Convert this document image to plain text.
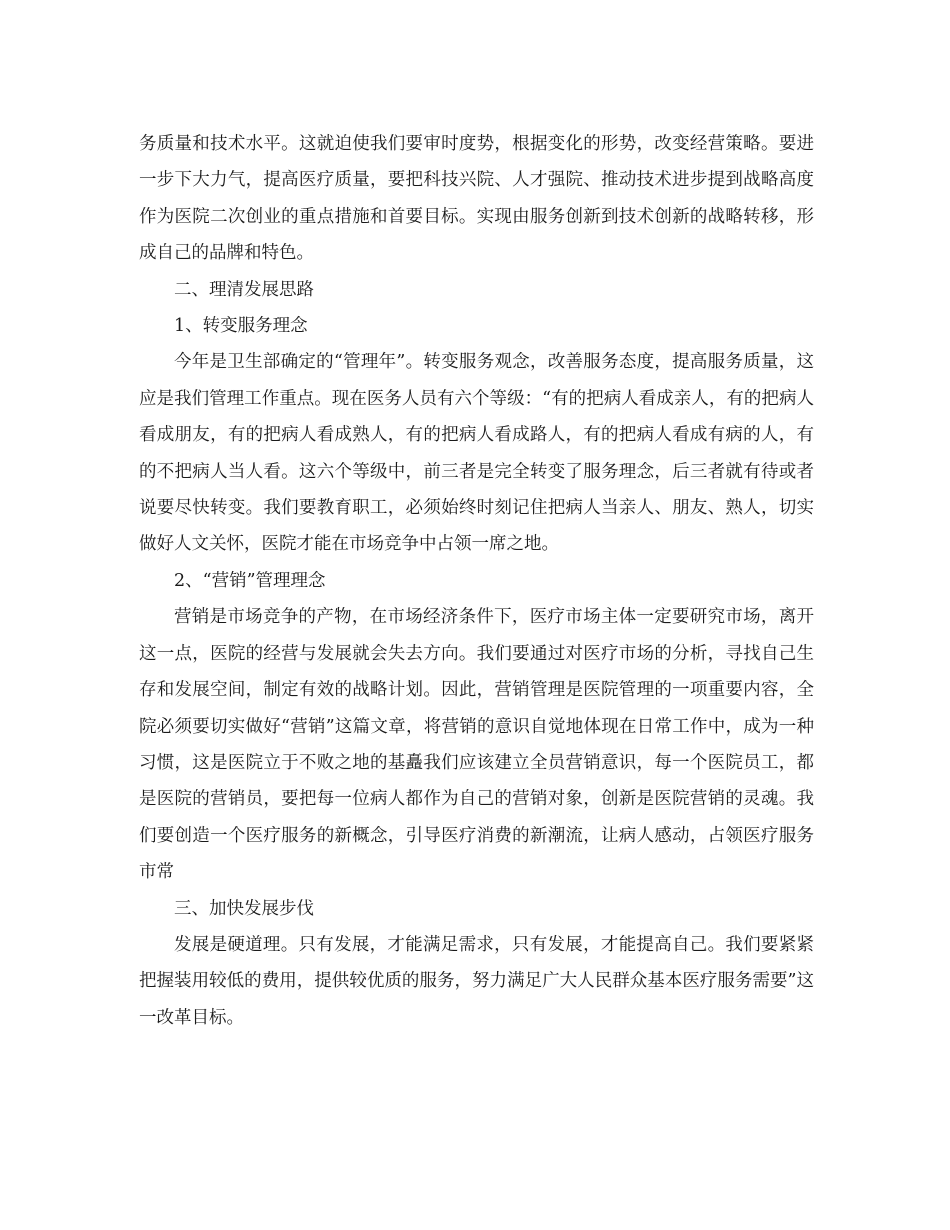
务质量和技术水平。这就迫使我们要审时度势，根据变化的形势，改变经营策略。要进一步下大力气，提高医疗质量，要把科技兴院、人才强院、推动技术进步提到战略高度作为医院二次创业的重点措施和首要目标。实现由服务创新到技术创新的战略转移，形成自己的品牌和特色。

二、理清发展思路

1、转变服务理念

今年是卫生部确定的“管理年”。转变服务观念，改善服务态度，提高服务质量，这应是我们管理工作重点。现在医务人员有六个等级：“有的把病人看成亲人，有的把病人看成朋友，有的把病人看成熟人，有的把病人看成路人，有的把病人看成有病的人，有的不把病人当人看。这六个等级中，前三者是完全转变了服务理念，后三者就有待或者说要尽快转变。我们要教育职工，必须始终时刻记住把病人当亲人、朋友、熟人，切实做好人文关怀，医院才能在市场竞争中占领一席之地。

2、“营销”管理理念

营销是市场竞争的产物，在市场经济条件下，医疗市场主体一定要研究市场，离开这一点，医院的经营与发展就会失去方向。我们要通过对医疗市场的分析，寻找自己生存和发展空间，制定有效的战略计划。因此，营销管理是医院管理的一项重要内容，全院必须要切实做好“营销”这篇文章，将营销的意识自觉地体现在日常工作中，成为一种习惯，这是医院立于不败之地的基矗我们应该建立全员营销意识，每一个医院员工，都是医院的营销员，要把每一位病人都作为自己的营销对象，创新是医院营销的灵魂。我们要创造一个医疗服务的新概念，引导医疗消费的新潮流，让病人感动，占领医疗服务市常

三、加快发展步伐

发展是硬道理。只有发展，才能满足需求，只有发展，才能提高自己。我们要紧紧把握装用较低的费用，提供较优质的服务，努力满足广大人民群众基本医疗服务需要”这一改革目标。
